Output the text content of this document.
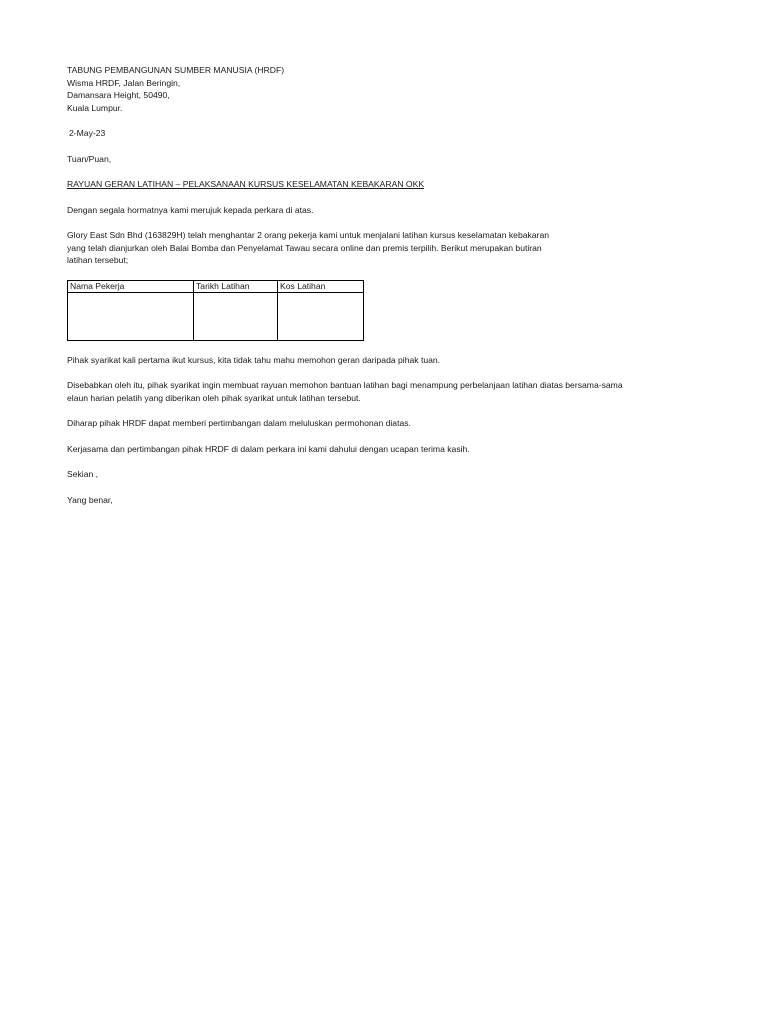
TABUNG PEMBANGUNAN SUMBER MANUSIA (HRDF)
Wisma HRDF, Jalan Beringin,
Damansara Height, 50490,
Kuala Lumpur.
2-May-23
Tuan/Puan,
RAYUAN GERAN LATIHAN – PELAKSANAAN KURSUS KESELAMATAN KEBAKARAN OKK
Dengan segala hormatnya kami merujuk kepada perkara di atas.
Glory East Sdn Bhd (163829H) telah menghantar 2 orang pekerja kami untuk menjalani latihan kursus keselamatan kebakaran
yang telah dianjurkan oleh Balai Bomba dan Penyelamat Tawau secara online dan premis terpilih. Berikut merupakan butiran
latihan tersebut;
Nama Pekerja	Tarikh Latihan	Kos Latihan

Pihak syarikat kali pertama ikut kursus, kita tidak tahu mahu memohon geran daripada pihak tuan.
Disebabkan oleh itu, pihak syarikat ingin membuat rayuan memohon bantuan latihan bagi menampung perbelanjaan latihan diatas bersama-sama
elaun harian pelatih yang diberikan oleh pihak syarikat untuk latihan tersebut.
Diharap pihak HRDF dapat memberi pertimbangan dalam meluluskan permohonan diatas.
Kerjasama dan pertimbangan pihak HRDF di dalam perkara ini kami dahului dengan ucapan terima kasih.
Sekian ,
Yang benar,
